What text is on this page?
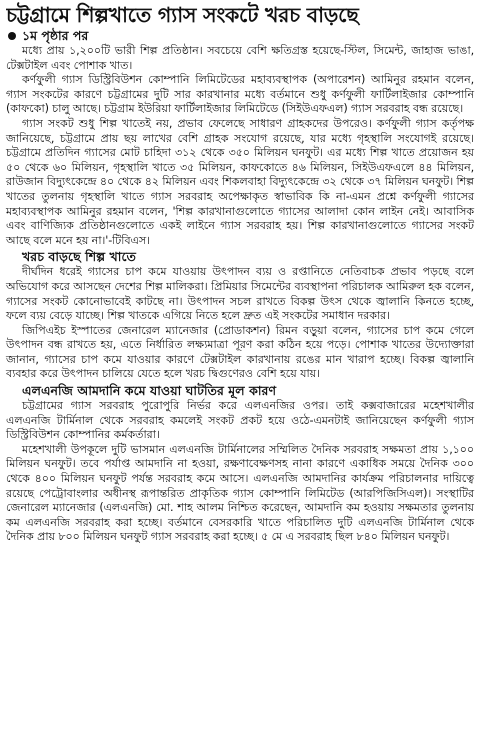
চট্টগ্রামে শিল্পখাতে গ্যাস সংকটে খরচ বাড়ছে
১ম পৃষ্ঠার পর

মধ্যে প্রায় ১,২০০টি ভারী শিল্প প্রতিষ্ঠান। সবচেয়ে বেশি ক্ষতিগ্রস্ত হয়েছে-স্টিল, সিমেন্ট, জাহাজ ভাঙা, টেক্সটাইল এবং পোশাক খাত।

কর্ণফুলী গ্যাস ডিস্ট্রিবিউশন কোম্পানি লিমিটেডের মহাব্যবস্থাপক (অপারেশন) আমিনুর রহমান বলেন, গ্যাস সংকটের কারণে চট্টগ্রামের দুটি সার কারখানার মধ্যে বর্তমানে শুধু কর্ণফুলী ফার্টিলাইজার কোম্পানি (কাফকো) চালু আছে। চট্টগ্রাম ইউরিয়া ফার্টিলাইজার লিমিটেডে (সিইউএফএল) গ্যাস সরবরাহ বন্ধ রয়েছে।

গ্যাস সংকট শুধু শিল্প খাতেই নয়, প্রভাব ফেলেছে সাধারণ গ্রাহকদের উপরেও। কর্ণফুলী গ্যাস কর্তৃপক্ষ জানিয়েছে, চট্টগ্রামে প্রায় ছয় লাখের বেশি গ্রাহক সংযোগ রয়েছে, যার মধ্যে গৃহস্থালি সংযোগই রয়েছে। চট্টগ্রামে প্রতিদিন গ্যাসের মোট চাহিদা ৩১২ থেকে ৩৫০ মিলিয়ন ঘনফুট। এর মধ্যে শিল্প খাতে প্রয়োজন হয় ৫০ থেকে ৬০ মিলিয়ন, গৃহস্থালি খাতে ৩৫ মিলিয়ন, কাফকোতে ৪৬ মিলিয়ন, সিইউএফএলে ৪৪ মিলিয়ন, রাউজান বিদ্যুৎকেন্দ্রে ৪০ থেকে ৪২ মিলিয়ন এবং শিকলবাহা বিদ্যুৎকেন্দ্রে ৩২ থেকে ৩৭ মিলিয়ন ঘনফুট। শিল্প খাতের তুলনায় গৃহস্থালি খাতে গ্যাস সরবরাহ অপেক্ষাকৃত স্বাভাবিক কি না-এমন প্রশ্নে কর্ণফুলী গ্যাসের মহাব্যবস্থাপক আমিনুর রহমান বলেন, 'শিল্প কারখানাগুলোতে গ্যাসের আলাদা কোন লাইন নেই। আবাসিক এবং বাণিজ্যিক প্রতিষ্ঠানগুলোতে একই লাইনে গ্যাস সরবরাহ হয়। শিল্প কারখানাগুলোতে গ্যাসের সংকট আছে বলে মনে হয় না।'-টিবিএস।

খরচ বাড়ছে শিল্প খাতে

দীর্ঘদিন ধরেই গ্যাসের চাপ কমে যাওয়ায় উৎপাদন ব্যয় ও রপ্তানিতে নেতিবাচক প্রভাব পড়ছে বলে অভিযোগ করে আসছেন দেশের শিল্প মালিকরা। প্রিমিয়ার সিমেন্টের ব্যবস্থাপনা পরিচালক আমিরুল হক বলেন, গ্যাসের সংকট কোনোভাবেই কাটছে না। উৎপাদন সচল রাখতে বিকল্প উৎস থেকে জ্বালানি কিনতে হচ্ছে, ফলে ব্যয় বেড়ে যাচ্ছে। শিল্প খাতকে এগিয়ে নিতে হলে দ্রুত এই সংকটের সমাধান দরকার।

জিপিএইচ ইস্পাতের জেনারেল ম্যানেজার (প্রোডাকশন) রিমন বড়ুয়া বলেন, গ্যাসের চাপ কমে গেলে উৎপাদন বন্ধ রাখতে হয়, এতে নির্ধারিত লক্ষ্যমাত্রা পূরণ করা কঠিন হয়ে পড়ে। পোশাক খাতের উদ্যোক্তারা জানান, গ্যাসের চাপ কমে যাওয়ার কারণে টেক্সটাইল কারখানায় রঙের মান খারাপ হচ্ছে। বিকল্প জ্বালানি ব্যবহার করে উৎপাদন চালিয়ে যেতে হলে খরচ দ্বিগুণেরও বেশি হয়ে যায়।

এলএনজি আমদানি কমে যাওয়া ঘাটতির মূল কারণ

চট্টগ্রামের গ্যাস সরবরাহ পুরোপুরি নির্ভর করে এলএনজির ওপর। তাই কক্সবাজারের মহেশখালীর এলএনজি টার্মিনাল থেকে সরবরাহ কমলেই সংকট প্রকট হয়ে ওঠে-এমনটাই জানিয়েছেন কর্ণফুলী গ্যাস ডিস্ট্রিবিউশন কোম্পানির কর্মকর্তারা।

মহেশখালী উপকূলে দুটি ভাসমান এলএনজি টার্মিনালের সম্মিলিত দৈনিক সরবরাহ সক্ষমতা প্রায় ১,১০০ মিলিয়ন ঘনফুট। তবে পর্যাপ্ত আমদানি না হওয়া, রক্ষণাবেক্ষণসহ নানা কারণে একাধিক সময়ে দৈনিক ৩০০ থেকে ৪০০ মিলিয়ন ঘনফুট পর্যন্ত সরবরাহ কমে আসে। এলএনজি আমদানির কার্যক্রম পরিচালনার দায়িত্বে রয়েছে পেট্রোবাংলার অধীনস্থ রূপান্তরিত প্রাকৃতিক গ্যাস কোম্পানি লিমিটেড (আরপিজিসিএল)। সংস্থাটির জেনারেল ম্যানেজার (এলএনজি) মো. শাহ আলম নিশ্চিত করেছেন, আমদানি কম হওয়ায় সক্ষমতার তুলনায় কম এলএনজি সরবরাহ করা হচ্ছে। বর্তমানে বেসরকারি খাতে পরিচালিত দুটি এলএনজি টার্মিনাল থেকে দৈনিক প্রায় ৮০০ মিলিয়ন ঘনফুট গ্যাস সরবরাহ করা হচ্ছে। ৫ মে এ সরবরাহ ছিল ৮৪০ মিলিয়ন ঘনফুট।
